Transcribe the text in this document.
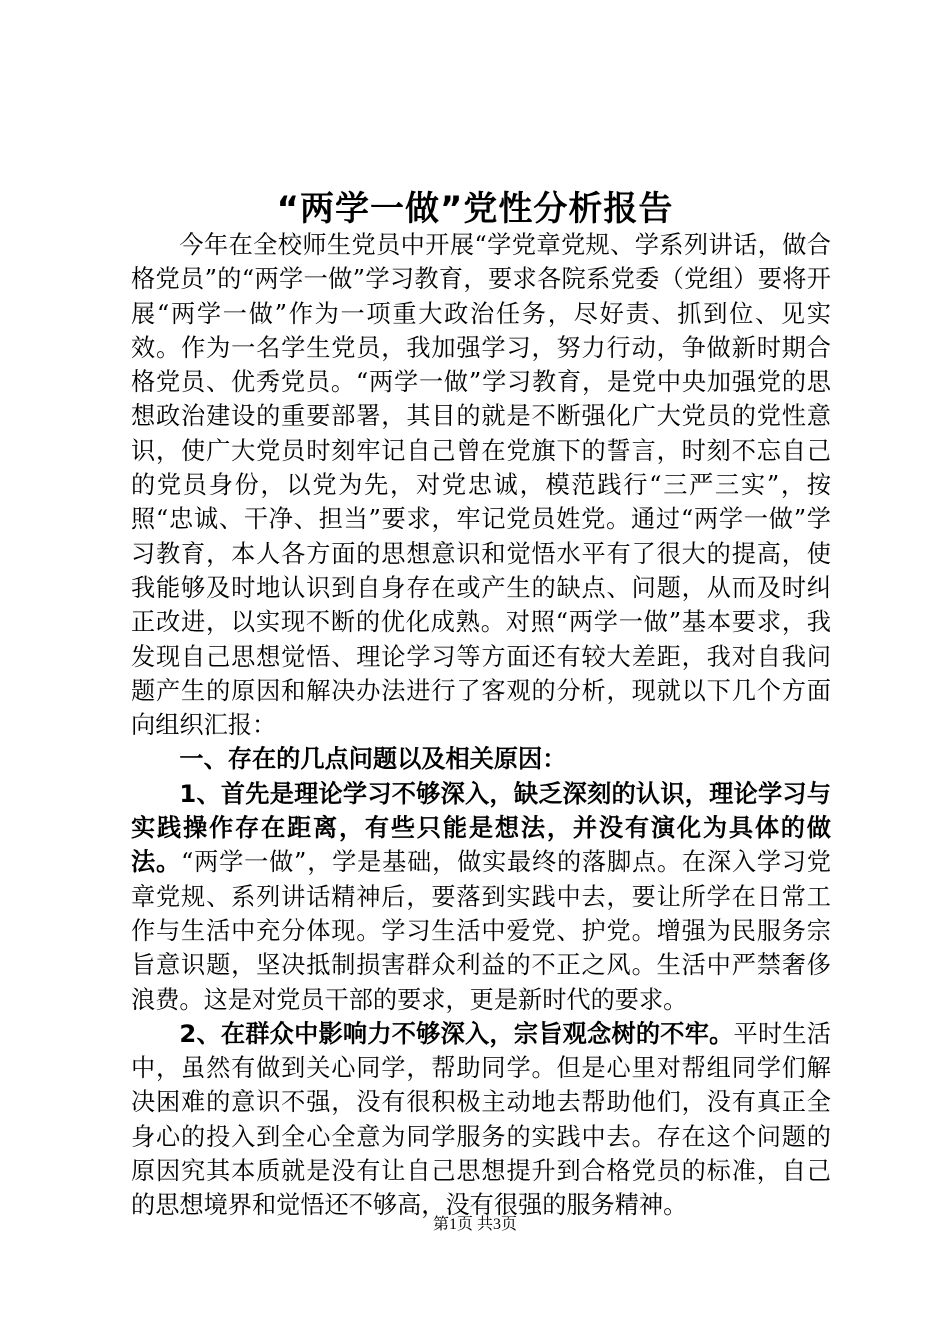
“两学一做”党性分析报告

今年在全校师生党员中开展“学党章党规、学系列讲话，做合格党员”的“两学一做”学习教育，要求各院系党委（党组）要将开展“两学一做”作为一项重大政治任务，尽好责、抓到位、见实效。作为一名学生党员，我加强学习，努力行动，争做新时期合格党员、优秀党员。“两学一做”学习教育，是党中央加强党的思想政治建设的重要部署，其目的就是不断强化广大党员的党性意识，使广大党员时刻牢记自己曾在党旗下的誓言，时刻不忘自己的党员身份，以党为先，对党忠诚，模范践行“三严三实”，按照“忠诚、干净、担当”要求，牢记党员姓党。通过“两学一做”学习教育，本人各方面的思想意识和觉悟水平有了很大的提高，使我能够及时地认识到自身存在或产生的缺点、问题，从而及时纠正改进，以实现不断的优化成熟。对照“两学一做”基本要求，我发现自己思想觉悟、理论学习等方面还有较大差距，我对自我问题产生的原因和解决办法进行了客观的分析，现就以下几个方面向组织汇报：

一、存在的几点问题以及相关原因：

1、首先是理论学习不够深入，缺乏深刻的认识，理论学习与实践操作存在距离，有些只能是想法，并没有演化为具体的做法。“两学一做”，学是基础，做实最终的落脚点。在深入学习党章党规、系列讲话精神后，要落到实践中去，要让所学在日常工作与生活中充分体现。学习生活中爱党、护党。增强为民服务宗旨意识题，坚决抵制损害群众利益的不正之风。生活中严禁奢侈浪费。这是对党员干部的要求，更是新时代的要求。

2、在群众中影响力不够深入，宗旨观念树的不牢。平时生活中，虽然有做到关心同学，帮助同学。但是心里对帮组同学们解决困难的意识不强，没有很积极主动地去帮助他们，没有真正全身心的投入到全心全意为同学服务的实践中去。存在这个问题的原因究其本质就是没有让自己思想提升到合格党员的标准，自己的思想境界和觉悟还不够高，没有很强的服务精神。

第1页 共3页
